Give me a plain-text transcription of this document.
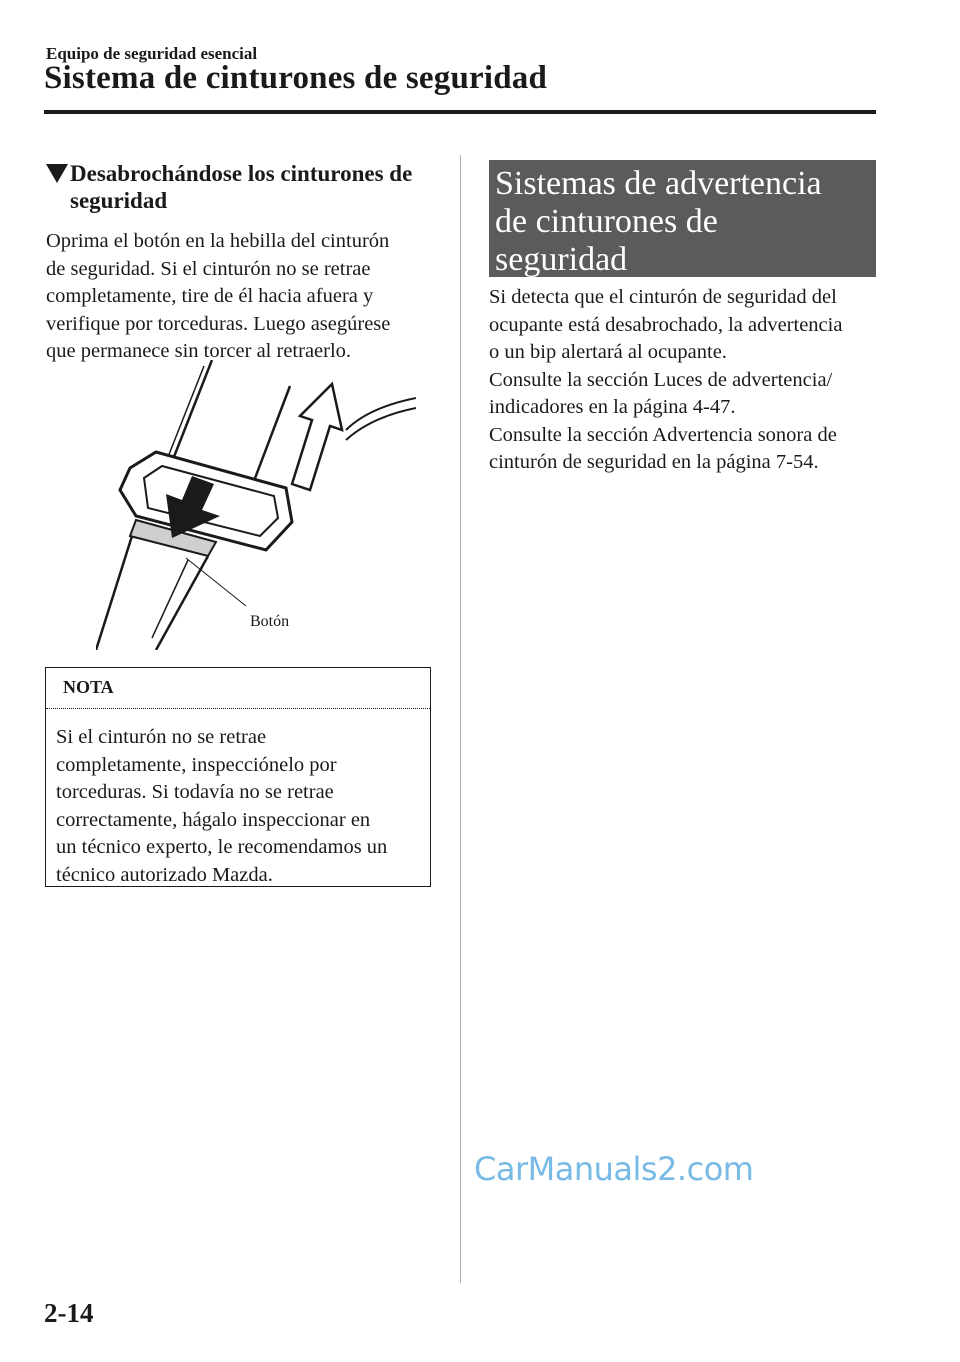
Equipo de seguridad esencial
Sistema de cinturones de seguridad
Desabrochándose los cinturones de
seguridad
Oprima el botón en la hebilla del cinturón
de seguridad. Si el cinturón no se retrae
completamente, tire de él hacia afuera y
verifique por torceduras. Luego asegúrese
que permanece sin torcer al retraerlo.
Botón
NOTA
Si el cinturón no se retrae
completamente, inspecciónelo por
torceduras. Si todavía no se retrae
correctamente, hágalo inspeccionar en
un técnico experto, le recomendamos un
técnico autorizado Mazda.
Sistemas de advertencia
de cinturones de
seguridad
Si detecta que el cinturón de seguridad del
ocupante está desabrochado, la advertencia
o un bip alertará al ocupante.
Consulte la sección Luces de advertencia/
indicadores en la página 4-47.
Consulte la sección Advertencia sonora de
cinturón de seguridad en la página 7-54.
CarManuals2.com
2-14
